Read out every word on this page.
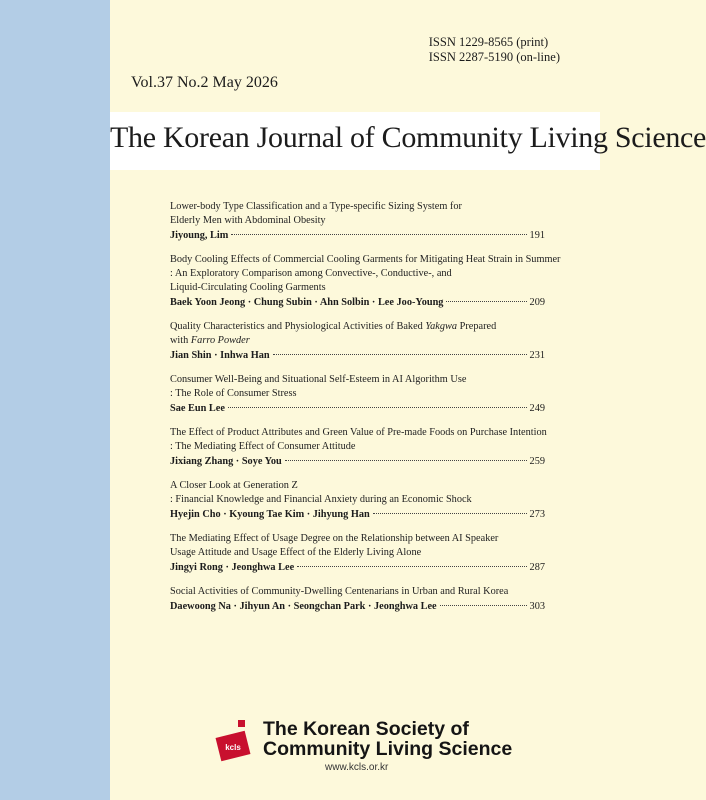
ISSN 1229-8565 (print)
ISSN 2287-5190 (on-line)
Vol.37 No.2 May 2026
The Korean Journal of Community Living Science
Lower-body Type Classification and a Type-specific Sizing System for
Elderly Men with Abdominal Obesity
Jiyoung, Lim	191
Body Cooling Effects of Commercial Cooling Garments for Mitigating Heat Strain in Summer
: An Exploratory Comparison among Convective-, Conductive-, and
Liquid-Circulating Cooling Garments
Baek Yoon Jeong · Chung Subin · Ahn Solbin · Lee Joo-Young	209
Quality Characteristics and Physiological Activities of Baked Yakgwa Prepared
with Farro Powder
Jian Shin · Inhwa Han	231
Consumer Well-Being and Situational Self-Esteem in AI Algorithm Use
: The Role of Consumer Stress
Sae Eun Lee	249
The Effect of Product Attributes and Green Value of Pre-made Foods on Purchase Intention
: The Mediating Effect of Consumer Attitude
Jixiang Zhang · Soye You	259
A Closer Look at Generation Z
: Financial Knowledge and Financial Anxiety during an Economic Shock
Hyejin Cho · Kyoung Tae Kim · Jihyung Han	273
The Mediating Effect of Usage Degree on the Relationship between AI Speaker
Usage Attitude and Usage Effect of the Elderly Living Alone
Jingyi Rong · Jeonghwa Lee	287
Social Activities of Community-Dwelling Centenarians in Urban and Rural Korea
Daewoong Na · Jihyun An · Seongchan Park · Jeonghwa Lee	303
kcls
The Korean Society of
Community Living Science
www.kcls.or.kr
